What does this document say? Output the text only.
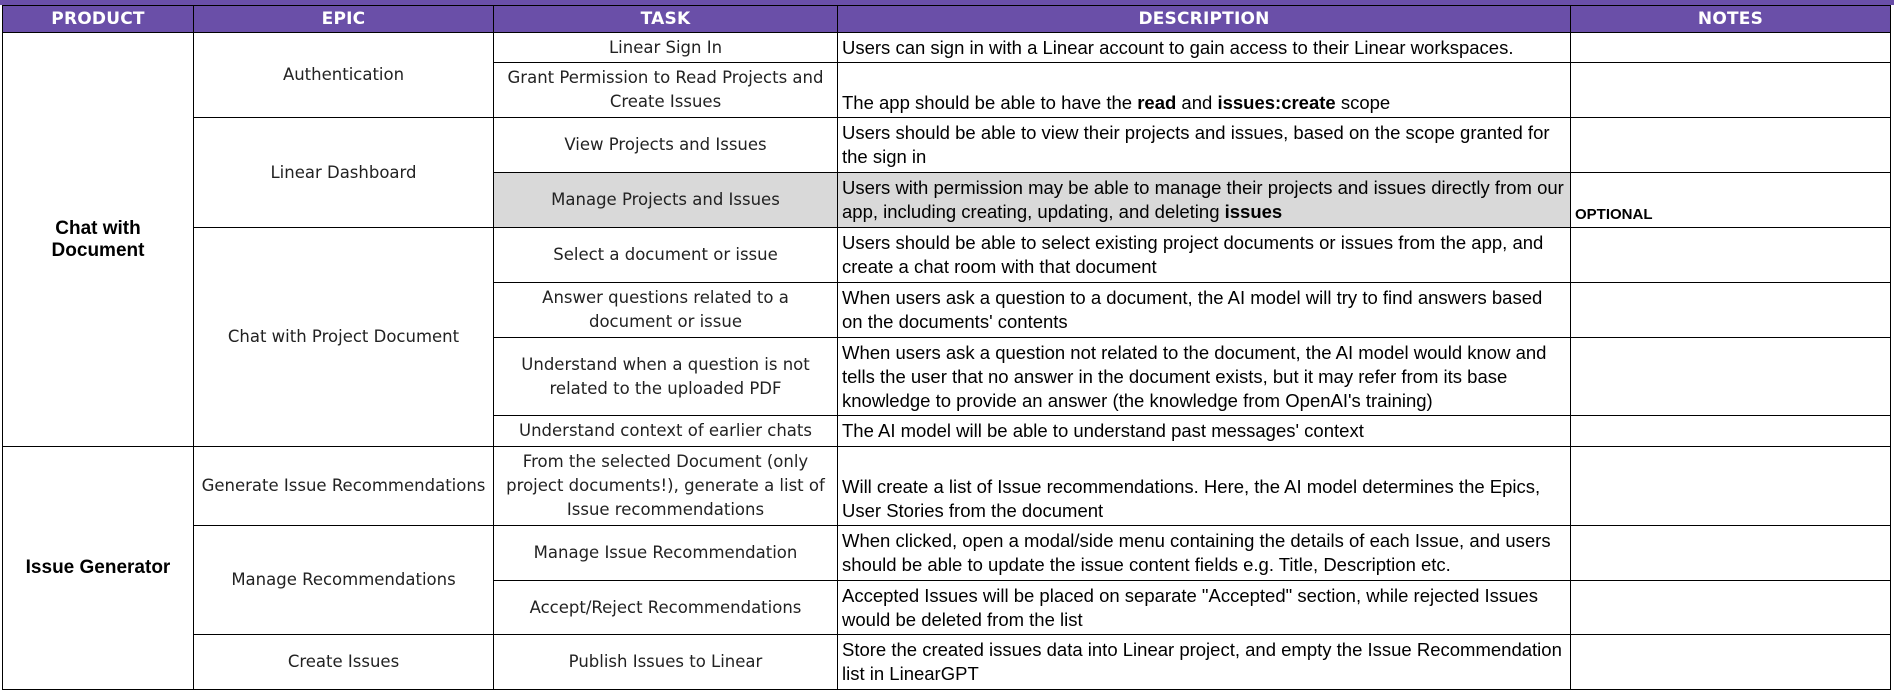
PRODUCT	EPIC	TASK	DESCRIPTION	NOTES
Chat with Document	Authentication	Linear Sign In	Users can sign in with a Linear account to gain access to their Linear workspaces.	
		Grant Permission to Read Projects and Create Issues	The app should be able to have the read and issues:create scope	
	Linear Dashboard	View Projects and Issues	Users should be able to view their projects and issues, based on the scope granted for the sign in	
		Manage Projects and Issues	Users with permission may be able to manage their projects and issues directly from our app, including creating, updating, and deleting issues	OPTIONAL
	Chat with Project Document	Select a document or issue	Users should be able to select existing project documents or issues from the app, and create a chat room with that document	
		Answer questions related to a document or issue	When users ask a question to a document, the AI model will try to find answers based on the documents' contents	
		Understand when a question is not related to the uploaded PDF	When users ask a question not related to the document, the AI model would know and tells the user that no answer in the document exists, but it may refer from its base knowledge to provide an answer (the knowledge from OpenAI's training)	
		Understand context of earlier chats	The AI model will be able to understand past messages' context	
Issue Generator	Generate Issue Recommendations	From the selected Document (only project documents!), generate a list of Issue recommendations	Will create a list of Issue recommendations. Here, the AI model determines the Epics, User Stories from the document	
	Manage Recommendations	Manage Issue Recommendation	When clicked, open a modal/side menu containing the details of each Issue, and users should be able to update the issue content fields e.g. Title, Description etc.	
		Accept/Reject Recommendations	Accepted Issues will be placed on separate "Accepted" section, while rejected Issues would be deleted from the list	
	Create Issues	Publish Issues to Linear	Store the created issues data into Linear project, and empty the Issue Recommendation list in LinearGPT	
